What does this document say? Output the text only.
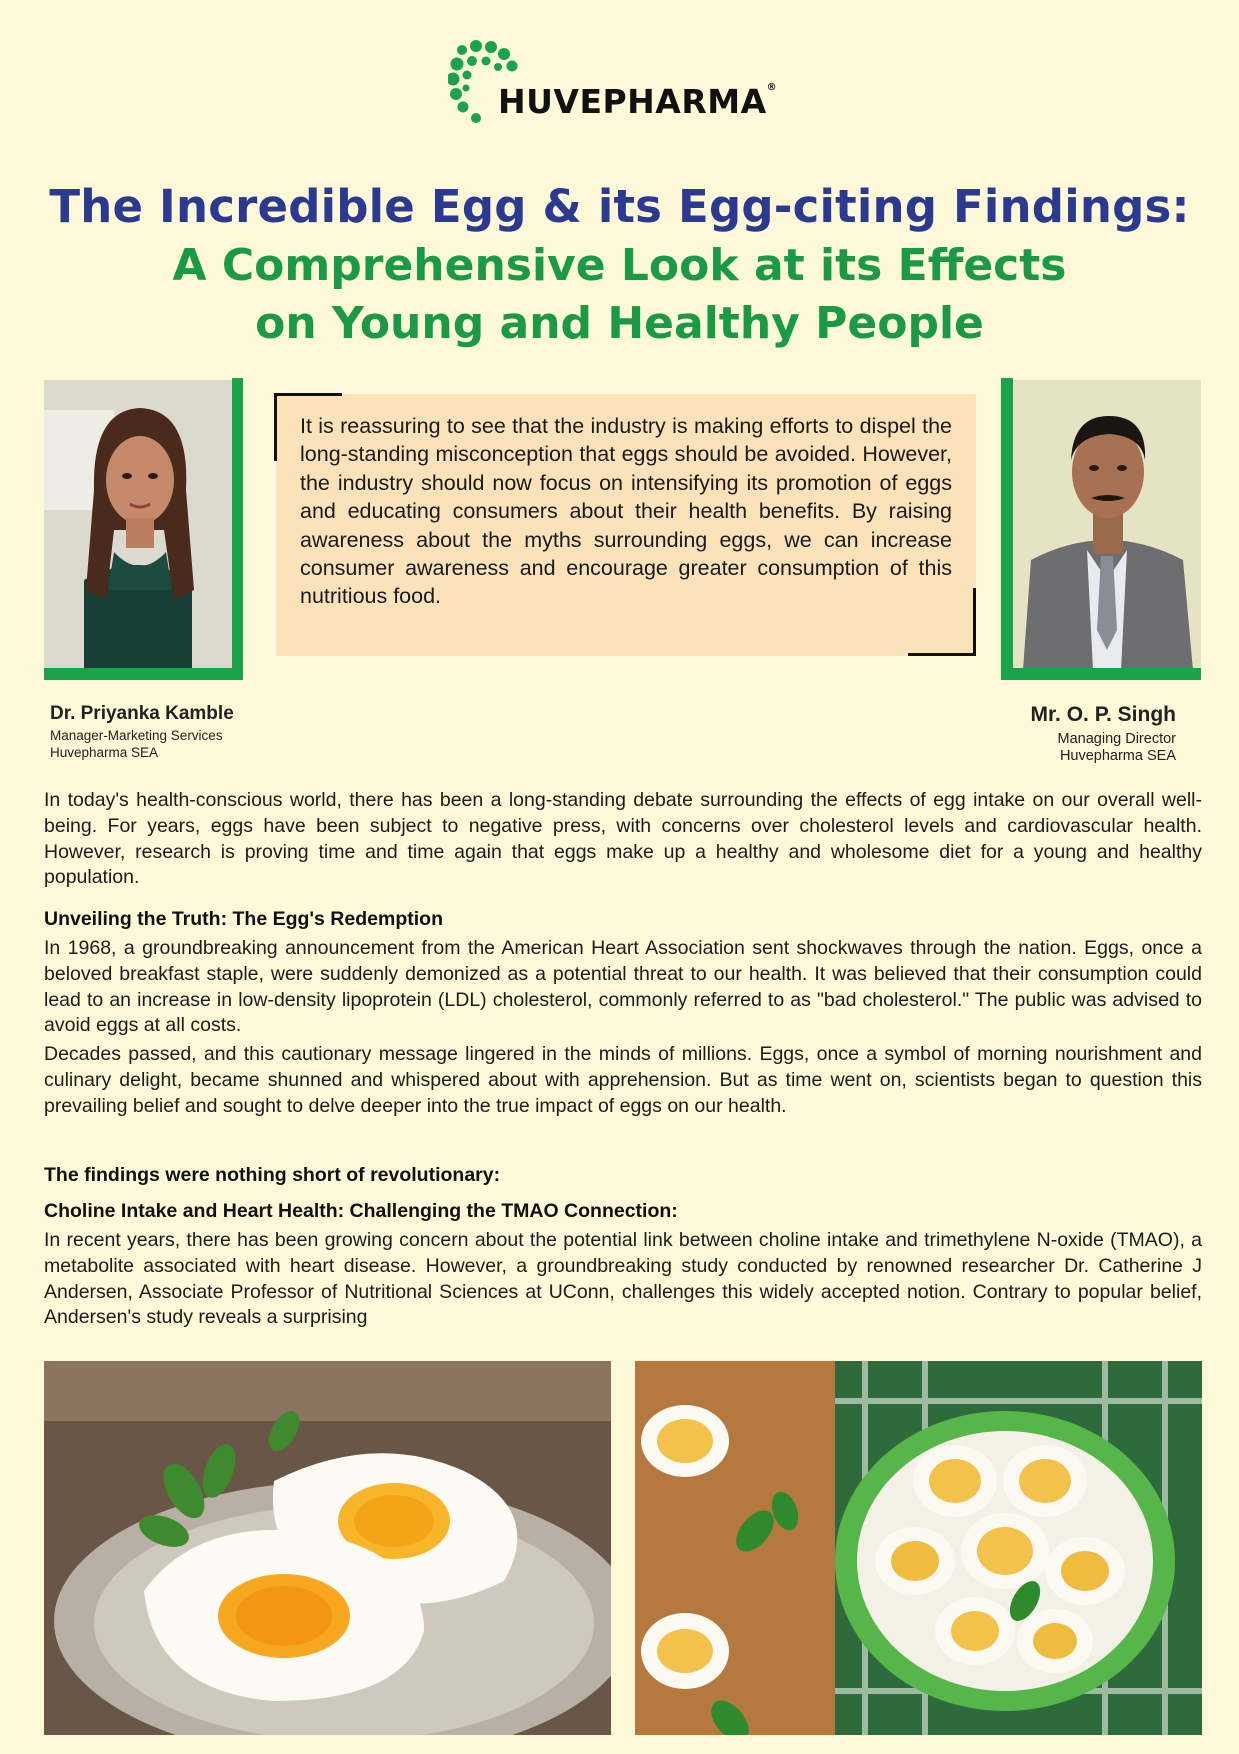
HUVEPHARMA®
The Incredible Egg & its Egg-citing Findings:
A Comprehensive Look at its Effects
on Young and Healthy People
It is reassuring to see that the industry is making efforts to dispel the long-standing misconception that eggs should be avoided. However, the industry should now focus on intensifying its promotion of eggs and educating consumers about their health benefits. By raising awareness about the myths surrounding eggs, we can increase consumer awareness and encourage greater consumption of this nutritious food.
Dr. Priyanka Kamble
Manager-Marketing Services
Huvepharma SEA
Mr. O. P. Singh
Managing Director
Huvepharma SEA

In today's health-conscious world, there has been a long-standing debate surrounding the effects of egg intake on our overall well-being. For years, eggs have been subject to negative press, with concerns over cholesterol levels and cardiovascular health. However, research is proving time and time again that eggs make up a healthy and wholesome diet for a young and healthy population.

Unveiling the Truth: The Egg's Redemption

In 1968, a groundbreaking announcement from the American Heart Association sent shockwaves through the nation. Eggs, once a beloved breakfast staple, were suddenly demonized as a potential threat to our health. It was believed that their consumption could lead to an increase in low-density lipoprotein (LDL) cholesterol, commonly referred to as "bad cholesterol." The public was advised to avoid eggs at all costs.

Decades passed, and this cautionary message lingered in the minds of millions. Eggs, once a symbol of morning nourishment and culinary delight, became shunned and whispered about with apprehension. But as time went on, scientists began to question this prevailing belief and sought to delve deeper into the true impact of eggs on our health.

The findings were nothing short of revolutionary:
Choline Intake and Heart Health: Challenging the TMAO Connection:

In recent years, there has been growing concern about the potential link between choline intake and trimethylene N-oxide (TMAO), a metabolite associated with heart disease. However, a groundbreaking study conducted by renowned researcher Dr. Catherine J Andersen, Associate Professor of Nutritional Sciences at UConn, challenges this widely accepted notion. Contrary to popular belief, Andersen's study reveals a surprising
